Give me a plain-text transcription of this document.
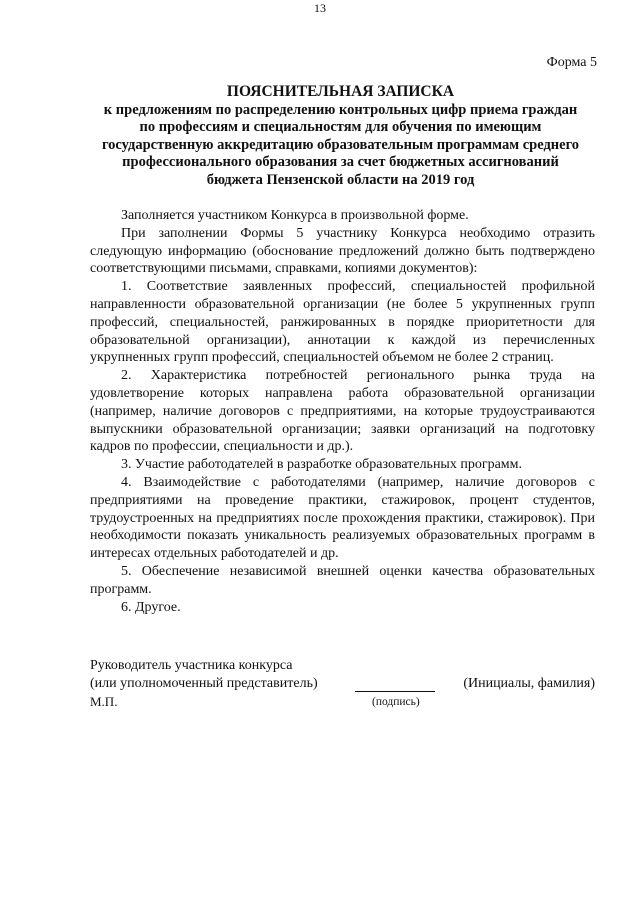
13
Форма 5
ПОЯСНИТЕЛЬНАЯ ЗАПИСКА
к предложениям по распределению контрольных цифр приема граждан
по профессиям и специальностям для обучения по имеющим
государственную аккредитацию образовательным программам среднего
профессионального образования за счет бюджетных ассигнований
бюджета Пензенской области на 2019 год

Заполняется участником Конкурса в произвольной форме.

При заполнении Формы 5 участнику Конкурса необходимо отразить следующую информацию (обоснование предложений должно быть подтверждено соответствующими письмами, справками, копиями документов):

1. Соответствие заявленных профессий, специальностей профильной направленности образовательной организации (не более 5 укрупненных групп профессий, специальностей, ранжированных в порядке приоритетности для образовательной организации), аннотации к каждой из перечисленных укрупненных групп профессий, специальностей объемом не более 2 страниц.

2. Характеристика потребностей регионального рынка труда на удовлетворение которых направлена работа образовательной организации (например, наличие договоров с предприятиями, на которые трудоустраиваются выпускники образовательной организации; заявки организаций на подготовку кадров по профессии, специальности и др.).

3. Участие работодателей в разработке образовательных программ.

4. Взаимодействие с работодателями (например, наличие договоров с предприятиями на проведение практики, стажировок, процент студентов, трудоустроенных на предприятиях после прохождения практики, стажировок). При необходимости показать уникальность реализуемых образовательных программ в интересах отдельных работодателей и др.

5. Обеспечение независимой внешней оценки качества образовательных программ.

6. Другое.

Руководитель участника конкурса
(или уполномоченный представитель)	(Инициалы, фамилия)
М.П.	(подпись)
